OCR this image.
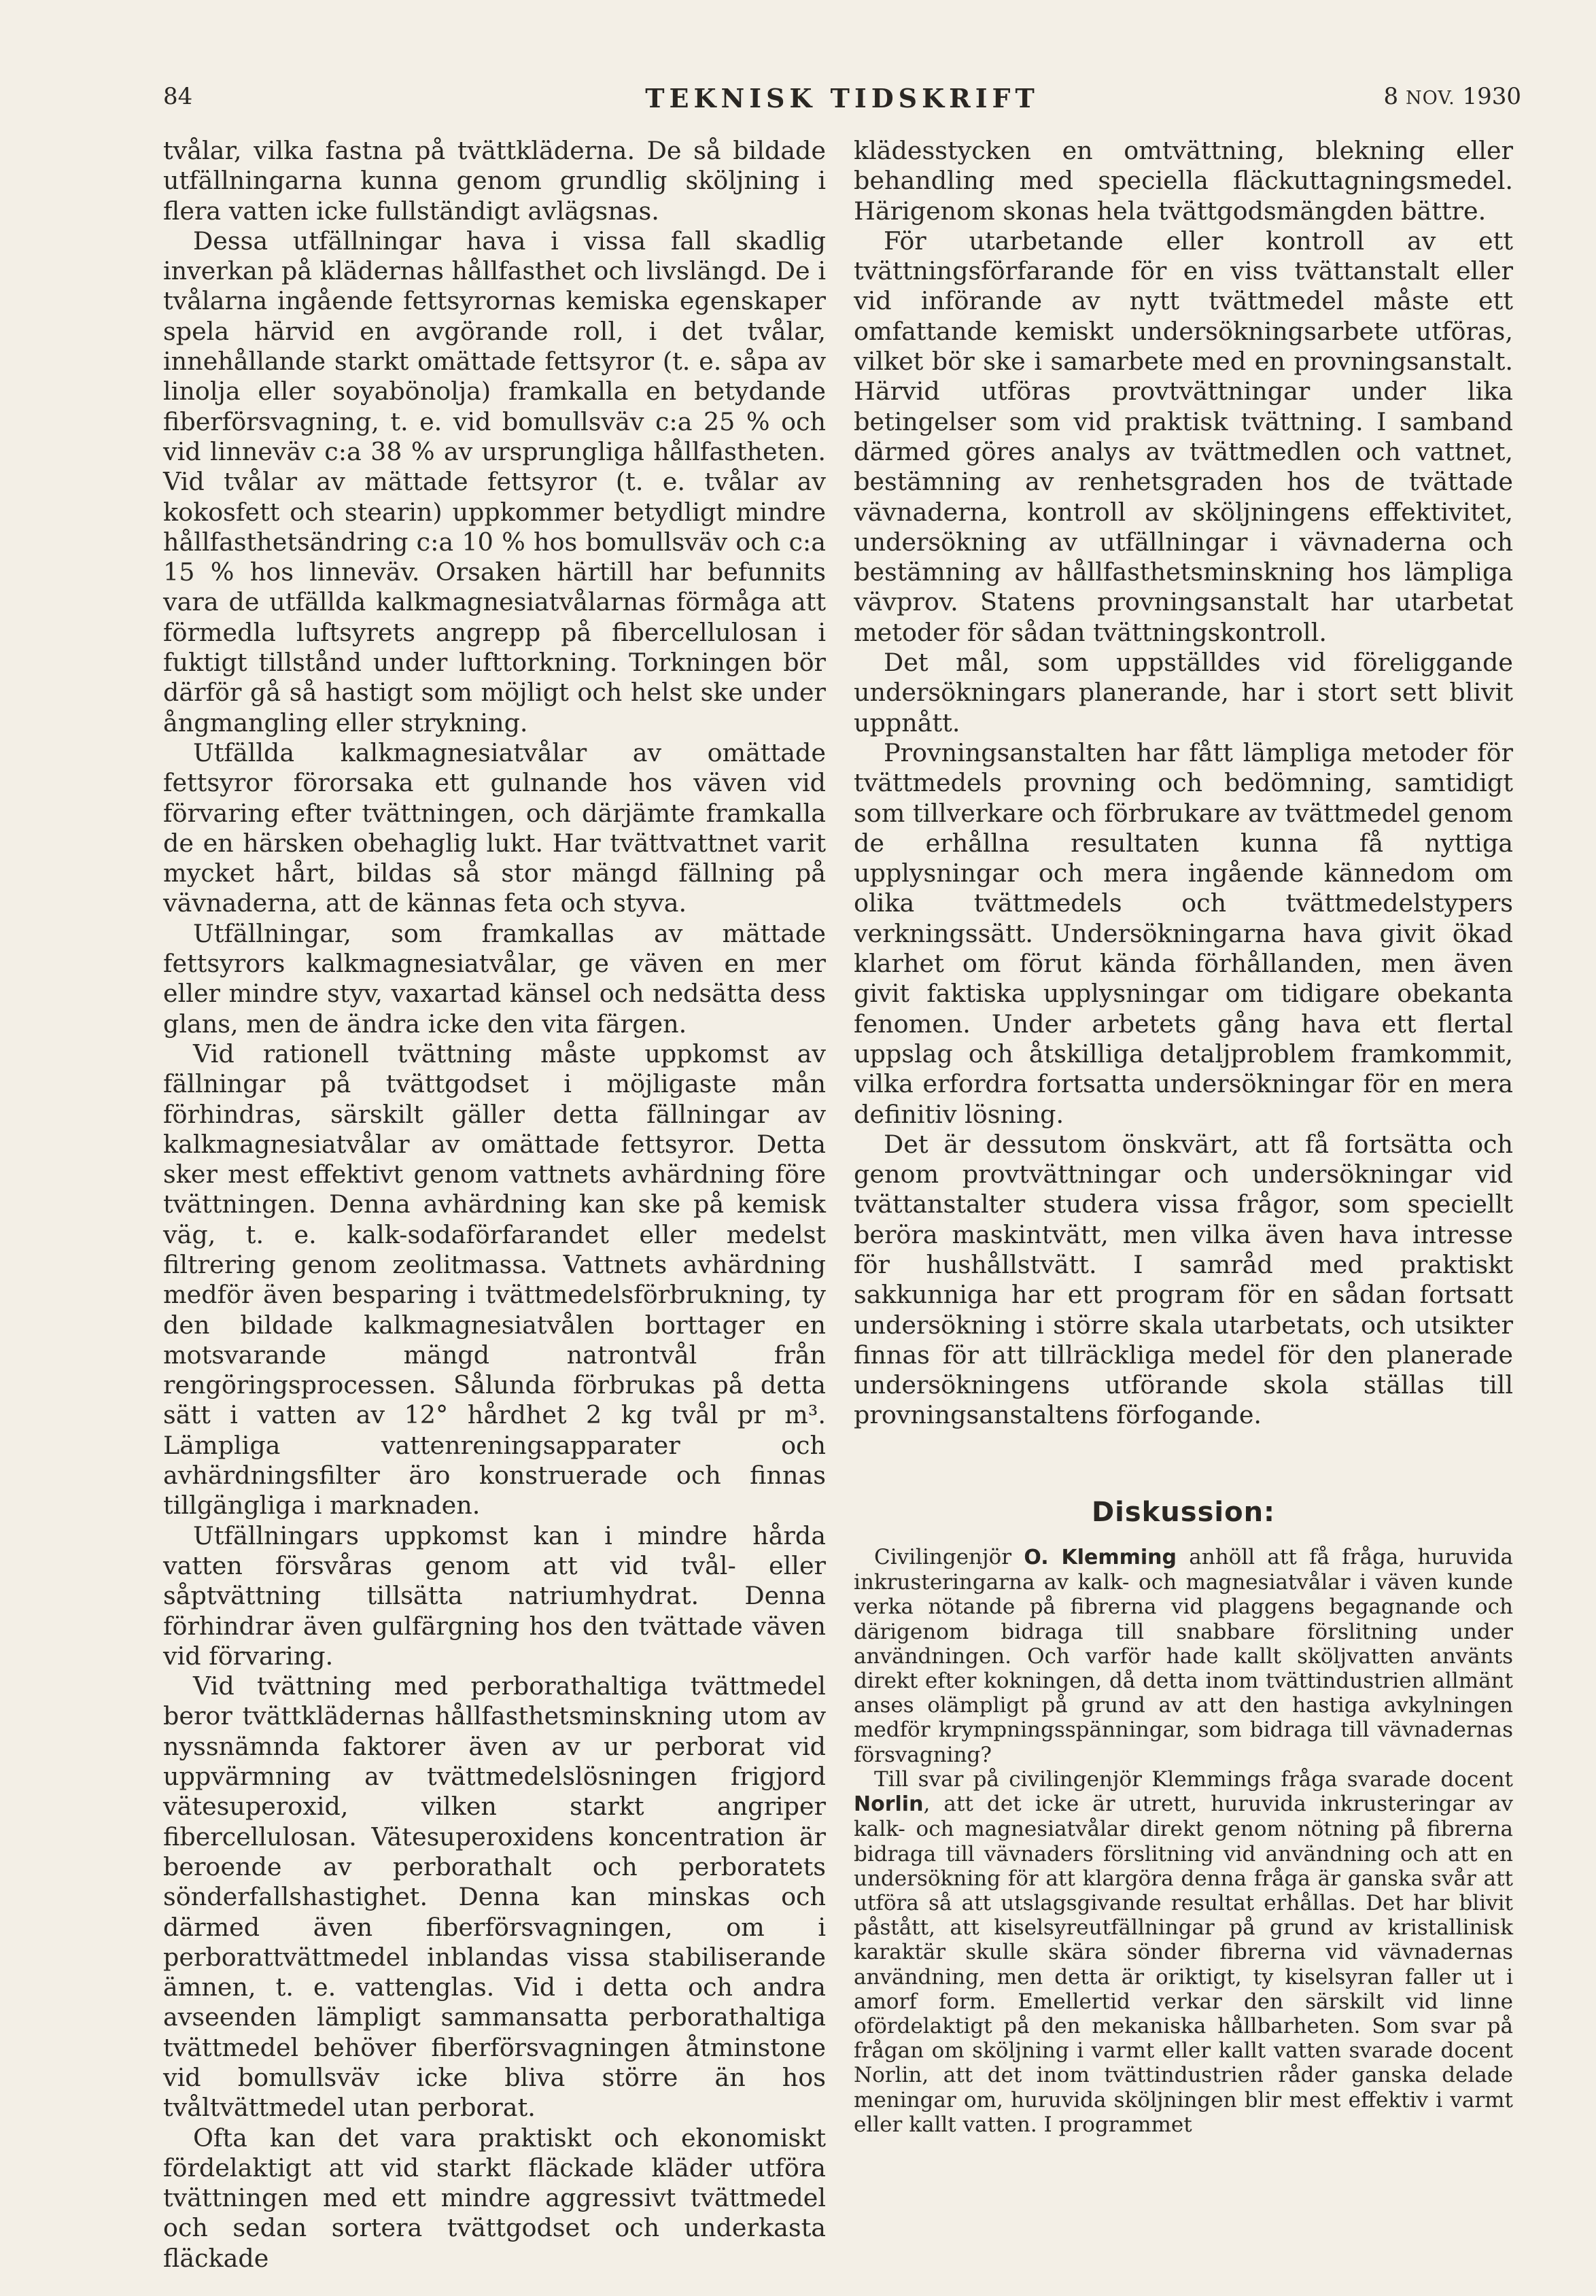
84	TEKNISK TIDSKRIFT	8 NOV. 1930

tvålar, vilka fastna på tvättkläderna. De så bildade utfällningarna kunna genom grundlig sköljning i flera vatten icke fullständigt avlägsnas.

Dessa utfällningar hava i vissa fall skadlig inverkan på klädernas hållfasthet och livslängd. De i tvålarna ingående fettsyrornas kemiska egenskaper spela härvid en avgörande roll, i det tvålar, innehållande starkt omättade fettsyror (t. e. såpa av linolja eller soyabönolja) framkalla en betydande fiberförsvagning, t. e. vid bomullsväv c:a 25 % och vid linneväv c:a 38 % av ursprungliga hållfastheten. Vid tvålar av mättade fettsyror (t. e. tvålar av kokosfett och stearin) uppkommer betydligt mindre hållfasthetsändring c:a 10 % hos bomullsväv och c:a 15 % hos linneväv. Orsaken härtill har befunnits vara de utfällda kalkmagnesiatvålarnas förmåga att förmedla luftsyrets angrepp på fibercellulosan i fuktigt tillstånd under lufttorkning. Torkningen bör därför gå så hastigt som möjligt och helst ske under ångmangling eller strykning.

Utfällda kalkmagnesiatvålar av omättade fettsyror förorsaka ett gulnande hos väven vid förvaring efter tvättningen, och därjämte framkalla de en härsken obehaglig lukt. Har tvättvattnet varit mycket hårt, bildas så stor mängd fällning på vävnaderna, att de kännas feta och styva.

Utfällningar, som framkallas av mättade fettsyrors kalkmagnesiatvålar, ge väven en mer eller mindre styv, vaxartad känsel och nedsätta dess glans, men de ändra icke den vita färgen.

Vid rationell tvättning måste uppkomst av fällningar på tvättgodset i möjligaste mån förhindras, särskilt gäller detta fällningar av kalkmagnesiatvålar av omättade fettsyror. Detta sker mest effektivt genom vattnets avhärdning före tvättningen. Denna avhärdning kan ske på kemisk väg, t. e. kalk-sodaförfarandet eller medelst filtrering genom zeolitmassa. Vattnets avhärdning medför även besparing i tvättmedelsförbrukning, ty den bildade kalkmagnesiatvålen borttager en motsvarande mängd natrontvål från rengöringsprocessen. Sålunda förbrukas på detta sätt i vatten av 12° hårdhet 2 kg tvål pr m³. Lämpliga vattenreningsapparater och avhärdningsfilter äro konstruerade och finnas tillgängliga i marknaden.

Utfällningars uppkomst kan i mindre hårda vatten försvåras genom att vid tvål- eller såptvättning tillsätta natriumhydrat. Denna förhindrar även gulfärgning hos den tvättade väven vid förvaring.

Vid tvättning med perborathaltiga tvättmedel beror tvättklädernas hållfasthetsminskning utom av nyssnämnda faktorer även av ur perborat vid uppvärmning av tvättmedelslösningen frigjord vätesuperoxid, vilken starkt angriper fibercellulosan. Vätesuperoxidens koncentration är beroende av perborathalt och perboratets sönderfallshastighet. Denna kan minskas och därmed även fiberförsvagningen, om i perborattvättmedel inblandas vissa stabiliserande ämnen, t. e. vattenglas. Vid i detta och andra avseenden lämpligt sammansatta perborathaltiga tvättmedel behöver fiberförsvagningen åtminstone vid bomullsväv icke bliva större än hos tvåltvättmedel utan perborat.

Ofta kan det vara praktiskt och ekonomiskt fördelaktigt att vid starkt fläckade kläder utföra tvättningen med ett mindre aggressivt tvättmedel och sedan sortera tvättgodset och underkasta fläckade

klädesstycken en omtvättning, blekning eller behandling med speciella fläckuttagningsmedel. Härigenom skonas hela tvättgodsmängden bättre.

För utarbetande eller kontroll av ett tvättningsförfarande för en viss tvättanstalt eller vid införande av nytt tvättmedel måste ett omfattande kemiskt undersökningsarbete utföras, vilket bör ske i samarbete med en provningsanstalt. Härvid utföras provtvättningar under lika betingelser som vid praktisk tvättning. I samband därmed göres analys av tvättmedlen och vattnet, bestämning av renhetsgraden hos de tvättade vävnaderna, kontroll av sköljningens effektivitet, undersökning av utfällningar i vävnaderna och bestämning av hållfasthetsminskning hos lämpliga vävprov. Statens provningsanstalt har utarbetat metoder för sådan tvättningskontroll.

Det mål, som uppställdes vid föreliggande undersökningars planerande, har i stort sett blivit uppnått.

Provningsanstalten har fått lämpliga metoder för tvättmedels provning och bedömning, samtidigt som tillverkare och förbrukare av tvättmedel genom de erhållna resultaten kunna få nyttiga upplysningar och mera ingående kännedom om olika tvättmedels och tvättmedelstypers verkningssätt. Undersökningarna hava givit ökad klarhet om förut kända förhållanden, men även givit faktiska upplysningar om tidigare obekanta fenomen. Under arbetets gång hava ett flertal uppslag och åtskilliga detaljproblem framkommit, vilka erfordra fortsatta undersökningar för en mera definitiv lösning.

Det är dessutom önskvärt, att få fortsätta och genom provtvättningar och undersökningar vid tvättanstalter studera vissa frågor, som speciellt beröra maskintvätt, men vilka även hava intresse för hushållstvätt. I samråd med praktiskt sakkunniga har ett program för en sådan fortsatt undersökning i större skala utarbetats, och utsikter finnas för att tillräckliga medel för den planerade undersökningens utförande skola ställas till provningsanstaltens förfogande.

Diskussion:

Civilingenjör O. Klemming anhöll att få fråga, huruvida inkrusteringarna av kalk- och magnesiatvålar i väven kunde verka nötande på fibrerna vid plaggens begagnande och därigenom bidraga till snabbare förslitning under användningen. Och varför hade kallt sköljvatten använts direkt efter kokningen, då detta inom tvättindustrien allmänt anses olämpligt på grund av att den hastiga avkylningen medför krympningsspänningar, som bidraga till vävnadernas försvagning?

Till svar på civilingenjör Klemmings fråga svarade docent Norlin, att det icke är utrett, huruvida inkrusteringar av kalk- och magnesiatvålar direkt genom nötning på fibrerna bidraga till vävnaders förslitning vid användning och att en undersökning för att klargöra denna fråga är ganska svår att utföra så att utslagsgivande resultat erhållas. Det har blivit påstått, att kiselsyreutfällningar på grund av kristallinisk karaktär skulle skära sönder fibrerna vid vävnadernas användning, men detta är oriktigt, ty kiselsyran faller ut i amorf form. Emellertid verkar den särskilt vid linne ofördelaktigt på den mekaniska hållbarheten. Som svar på frågan om sköljning i varmt eller kallt vatten svarade docent Norlin, att det inom tvättindustrien råder ganska delade meningar om, huruvida sköljningen blir mest effektiv i varmt eller kallt vatten. I programmet
